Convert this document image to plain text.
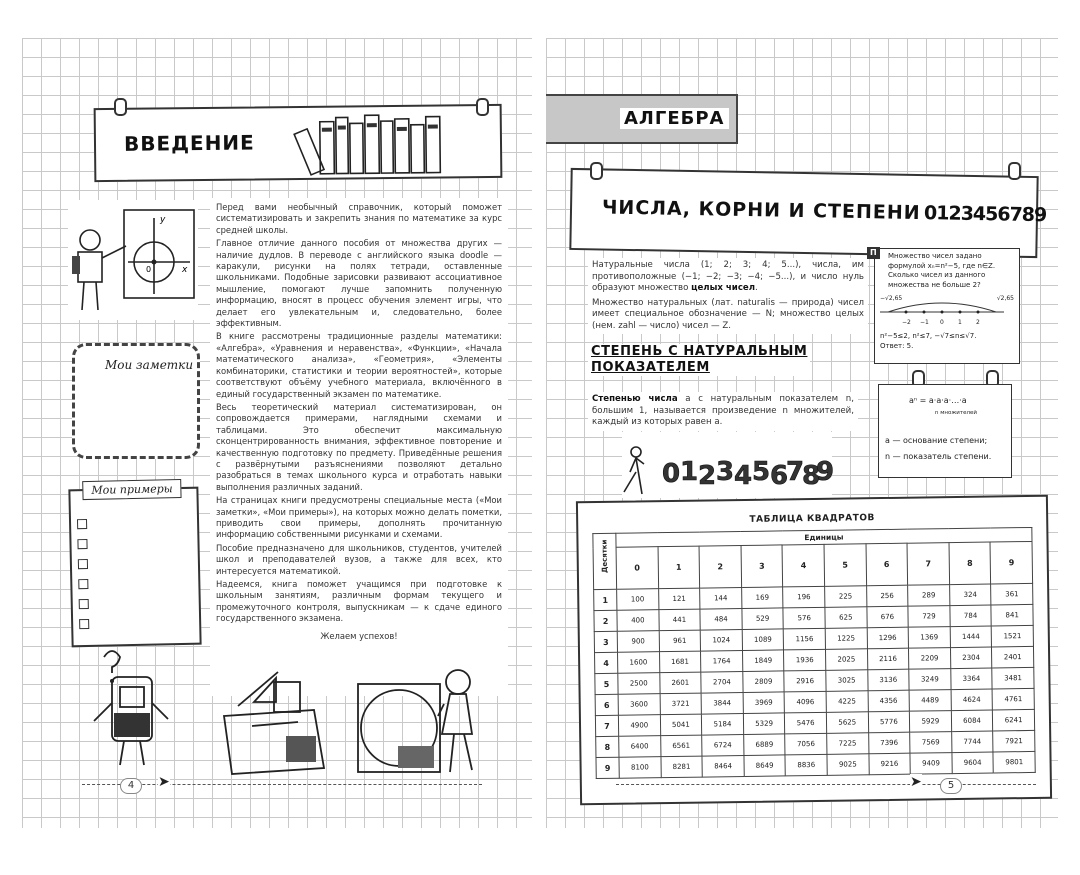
ВВЕДЕНИЕ
y
x
0
Мои заметки
Мои примеры

Перед вами необычный справочник, который поможет систематизировать и закрепить знания по математике за курс средней школы.

Главное отличие данного пособия от множества других — наличие дудлов. В переводе с английского языка doodle — каракули, рисунки на полях тетради, оставленные школьниками. Подобные зарисовки развивают ассоциативное мышление, помогают лучше запомнить полученную информацию, вносят в процесс обучения элемент игры, что делает его увлекательным и, следовательно, более эффективным.

В книге рассмотрены традиционные разделы математики: «Алгебра», «Уравнения и неравенства», «Функции», «Начала математического анализа», «Геометрия», «Элементы комбинаторики, статистики и теории вероятностей», которые соответствуют объёму учебного материала, включённого в единый государственный экзамен по математике.

Весь теоретический материал систематизирован, он сопровождается примерами, наглядными схемами и таблицами. Это обеспечит максимальную сконцентрированность внимания, эффективное повторение и качественную подготовку по предмету. Приведённые решения с развёрнутыми разъяснениями позволяют детально разобраться в темах школьного курса и отработать навыки выполнения различных заданий.

На страницах книги предусмотрены специальные места («Мои заметки», «Мои примеры»), на которых можно делать пометки, приводить свои примеры, дополнять прочитанную информацию собственными рисунками и схемами.

Пособие предназначено для школьников, студентов, учителей школ и преподавателей вузов, а также для всех, кто интересуется математикой.

Надеемся, книга поможет учащимся при подготовке к школьным занятиям, различным формам текущего и промежуточного контроля, выпускникам — к сдаче единого государственного экзамена.

Желаем успехов!

4	➤
АЛГЕБРА
ЧИСЛА, КОРНИ И СТЕПЕНИ 0123456789
Натуральные числа (1; 2; 3; 4; 5...), числа, им противоположные (−1; −2; −3; −4; −5...), и число нуль образуют множество целых чисел.
Множество натуральных (лат. naturalis — природа) чисел имеет специальное обозначение — N; множество целых (нем. zahl — число) чисел — Z.
П	Множество чисел задано формулой xₙ=n²−5, где n∈Z. Сколько чисел из данного множества не больше 2?
−√2,65	√2,65
−2 −1 0 1 2
n²−5≤2, n²≤7, −√7≤n≤√7.
Ответ: 5.
СТЕПЕНЬ С НАТУРАЛЬНЫМ
ПОКАЗАТЕЛЕМ
Степенью числа a с натуральным показателем n, большим 1, называется произведение n множителей, каждый из которых равен a.
aⁿ = a·a·a·…·a
n множителей
a — основание степени;
n — показатель степени.
0 1 2 3 4 5 6
7
8
9
ТАБЛИЦА КВАДРАТОВ
Десятки	Единицы									
	0	1	2	3	4	5	6	7	8	9
1	100	121	144	169	196	225	256	289	324	361
2	400	441	484	529	576	625	676	729	784	841
3	900	961	1024	1089	1156	1225	1296	1369	1444	1521
4	1600	1681	1764	1849	1936	2025	2116	2209	2304	2401
5	2500	2601	2704	2809	2916	3025	3136	3249	3364	3481
6	3600	3721	3844	3969	4096	4225	4356	4489	4624	4761
7	4900	5041	5184	5329	5476	5625	5776	5929	6084	6241
8	6400	6561	6724	6889	7056	7225	7396	7569	7744	7921
9	8100	8281	8464	8649	8836	9025	9216	9409	9604	9801
➤	5
